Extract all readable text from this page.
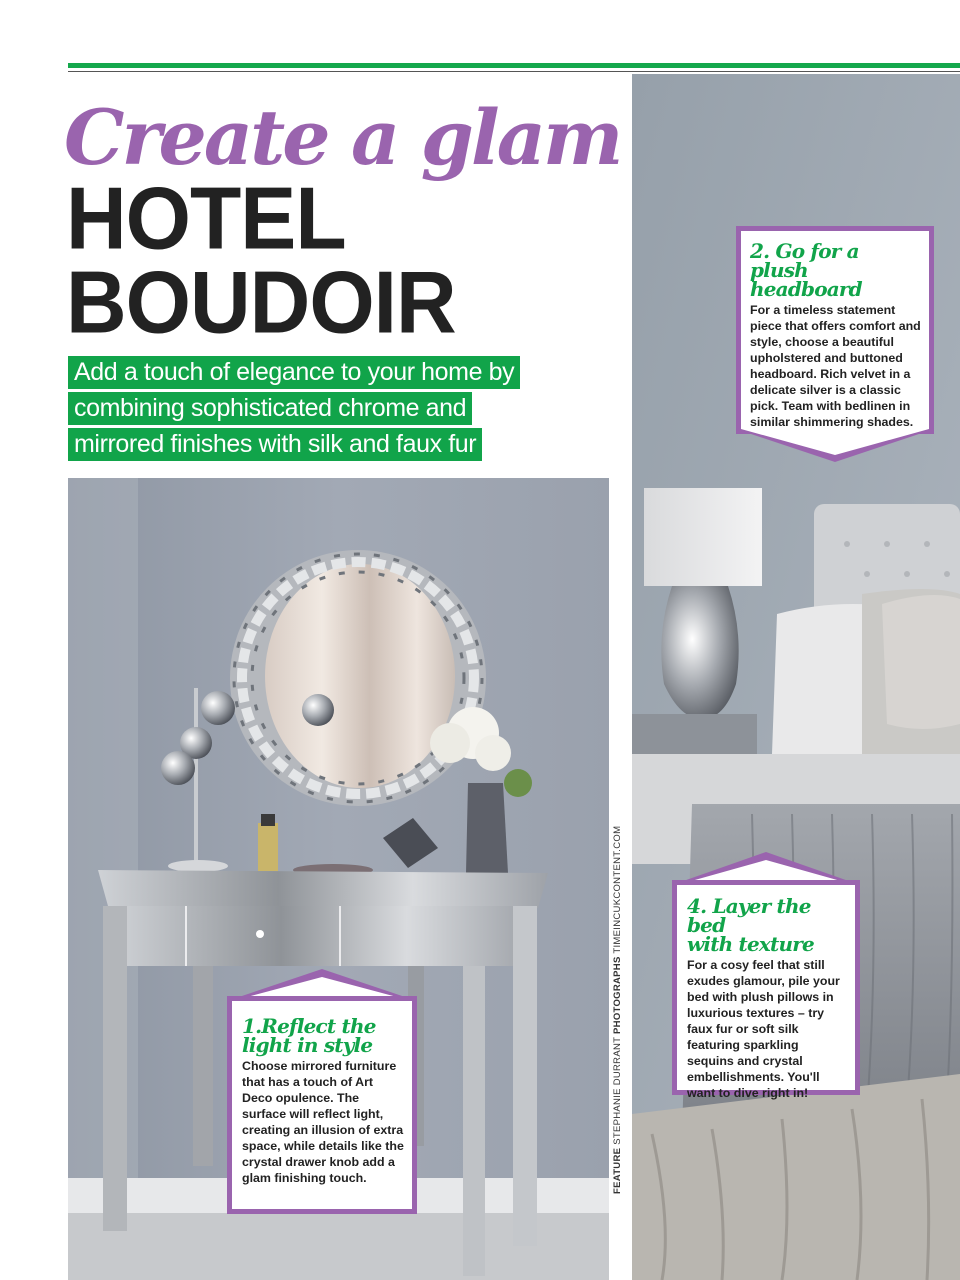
Create a glam
HOTEL
BOUDOIR
Add a touch of elegance to your home by
combining sophisticated chrome and
mirrored finishes with silk and faux fur
FEATURE STEPHANIE DURRANT PHOTOGRAPHS TIMEINCUKCONTENT.COM
2. Go for a plush
headboard
For a timeless statement piece that offers comfort and style, choose a beautiful upholstered and buttoned headboard. Rich velvet in a delicate silver is a classic pick. Team with bedlinen in similar shimmering shades.
4. Layer the bed
with texture
For a cosy feel that still exudes glamour, pile your bed with plush pillows in luxurious textures – try faux fur or soft silk featuring sparkling sequins and crystal embellishments. You'll want to dive right in!
1.Reflect the
light in style
Choose mirrored furniture that has a touch of Art Deco opulence. The surface will reflect light, creating an illusion of extra space, while details like the crystal drawer knob add a glam finishing touch.
